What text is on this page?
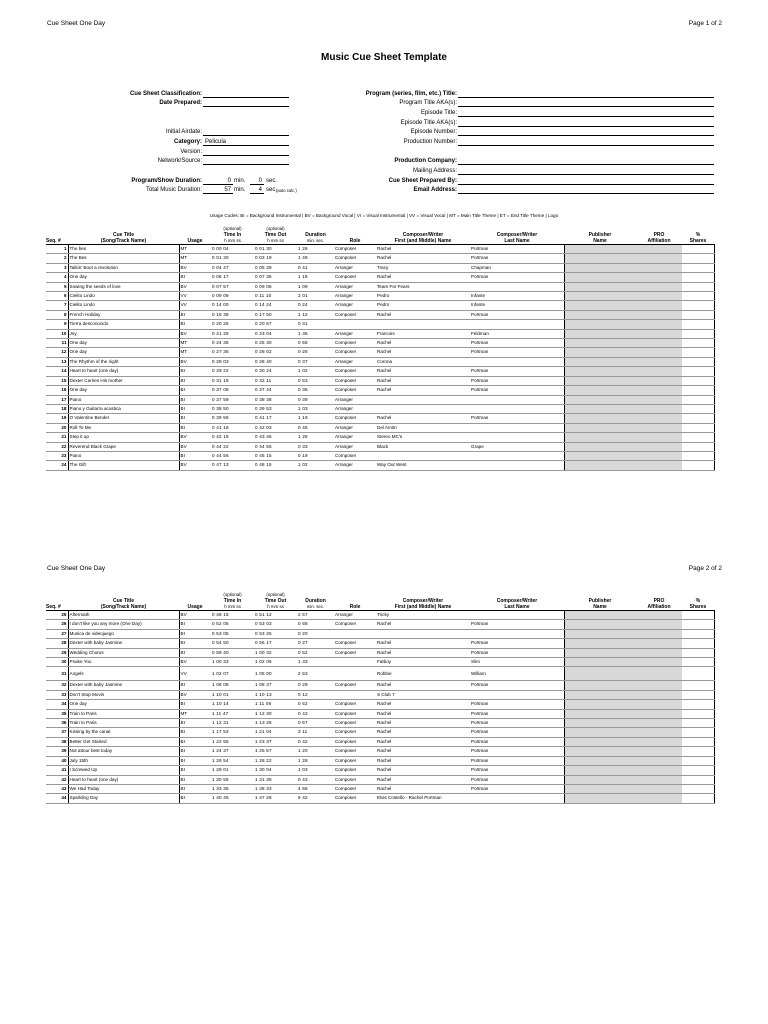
Cue Sheet One Day	Page 1 of 2
Music Cue Sheet Template
Cue Sheet Classification:
Date Prepared:
Initial Airdate:
Category: Pelicula
Version:
Network/Source:
Program/Show Duration:	0 min.	0 sec.
Total Music Duration:	57 min.	4 sec.
(auto calc.)
Program (series, film, etc.) Title:
Program Title AKA(s):
Episode Title:
Episode Title AKA(s):
Episode Number:
Production Number:
Production Company:
Mailing Address:
Cue Sheet Prepared By:
Email Address:
Usage Codes: BI = Background Instrumental | BV = Background Vocal | VI = Visual Instrumental | VV = Visual Vocal | MT = Main Title Theme | ET = End Title Theme | Logo
			(optional)	(optional)							
	Cue Title		Time In	Time Out	Duration		Composer/Writer	Composer/Writer	Publisher	PRO	%
Seq. #	(Song/Track Name)	Usage	h mm ss	h mm ss	min. sec.	Role	First (and Middle) Name	Last Name	Name	Affiliation	Shares
1	The bes	MT	0 00 04	0 01 30	1 26	Composer	Rachel	Portman			
2	The Bes	MT	0 01 30	0 03 19	1 49	Composer	Rachel	Portman			
3	Talkin' Bout a revolution	BV	0 04 47	0 05 28	0 41	Arranger	Tracy	Chapman			
4	One day	BI	0 06 17	0 07 35	1 18	Composer	Rachel	Portman			
5	Sowing the seeds of love	BV	0 07 57	0 09 06	1 09	Arranger	Tears For Fears				
6	Cielito Lindo	VV	0 09 09	0 11 10	2 01	Arranger	Pedro	Infante			
7	Cielito Lindo	VV	0 14 00	0 14 24	0 24	Arranger	Pedro	Infante			
8	French Holiday	BI	0 16 38	0 17 50	1 12	Composer	Rachel	Portman			
9	Tierra desconocido	BI	0 20 26	0 20 57	0 31						
10	Joy	BV	0 21 28	0 23 04	1 36	Arranger	Francois	Feldman			
11	One day	MT	0 24 35	0 25 30	0 55	Composer	Rachel	Portman			
12	One day	MT	0 27 36	0 28 02	0 26	Composer	Rachel	Portman			
13	The Rhythm of the night	BV	0 28 03	0 28 40	0 37	Arranger	Corona				
14	Heart to heart (one day)	BI	0 29 22	0 30 24	1 02	Composer	Rachel	Portman			
15	Dexter Carries His mother	BI	0 31 18	0 32 11	0 53	Composer	Rachel	Portman			
16	One day	BI	0 37 08	0 37 44	0 36	Composer	Rachel	Portman			
17	Piano	BI	0 37 59	0 38 38	0 39	Arranger					
18	Piano y Guitarra acustica	BI	0 38 50	0 39 53	1 03	Arranger					
19	O Valentine Bender	BI	0 39 58	0 41 17	1 19	Composer	Rachel	Portman			
20	Roll To Me	BI	0 41 18	0 42 03	0 45	Arranger	Del Amitri				
21	Step it up	BV	0 42 18	0 43 46	1 28	Arranger	Stereo MC's				
22	Reverend Black Grape	BV	0 44 22	0 44 55	0 33	Arranger	Black	Grape			
23	Piano	BI	0 44 56	0 45 15	0 19	Composer					
24	The Gift	BV	0 47 13	0 48 15	1 02	Arranger	Way Out West				
Cue Sheet One Day	Page 2 of 2
			(optional)	(optional)							
	Cue Title		Time In	Time Out	Duration		Composer/Writer	Composer/Writer	Publisher	PRO	%
Seq. #	(Song/Track Name)	Usage	h mm ss	h mm ss	min. sec.	Role	First (and Middle) Name	Last Name	Name	Affiliation	Shares
25	Aftermath	BV	0 48 15	0 51 12	2 57	Arranger	Tricky				
26	I don't like you any more (One Day)	BI	0 52 05	0 53 03	0 58	Composer	Rachel	Portman			
27	Musica de videojuego	BI	0 53 05	0 53 25	0 20						
28	Dexter with baby Jasmine	BI	0 54 50	0 55 17	0 27	Composer	Rachel	Portman			
29	Wedding Chorus	BI	0 59 40	1 00 32	0 52	Composer	Rachel	Portman			
30	Praise You	BV	1 00 33	1 02 06	1 33		Fatboy	Slim			
31	Angels	VV	1 02 07	1 05 00	2 53		Robbie	William			
32	Dexter with baby Jasmine	BI	1 08 08	1 08 37	0 29	Composer	Rachel	Portman			
33	Don't Stop Movin	BV	1 10 01	1 10 13	0 12		S Club 7				
34	One day	BI	1 10 14	1 11 06	0 52	Composer	Rachel	Portman			
35	Train to Paris	MT	1 11 47	1 12 30	0 43	Composer	Rachel	Portman			
36	Train to Paris	BI	1 12 31	1 13 28	0 57	Composer	Rachel	Portman			
37	Kissing by the canal	BI	1 17 53	1 21 04	3 11	Composer	Rachel	Portman			
38	Better Get Started	BI	1 22 55	1 23 37	0 42	Composer	Rachel	Portman			
39	Not attour best today	BI	1 24 37	1 25 57	1 20	Composer	Rachel	Portman			
40	July 15th	BI	1 26 54	1 28 22	1 28	Composer	Rachel	Portman			
41	I Screwed Up	BI	1 29 01	1 30 04	1 03	Composer	Rachel	Portman			
42	Heart to heart (one day)	BI	1 30 55	1 31 38	0 43	Composer	Rachel	Portman			
43	We Had Today	BI	1 33 35	1 38 33	4 58	Composer	Rachel	Portman			
44	Sparkling Day	BI	1 40 46	1 47 28	6 42	Composer	Elvis Costello - Rachel Portman				
